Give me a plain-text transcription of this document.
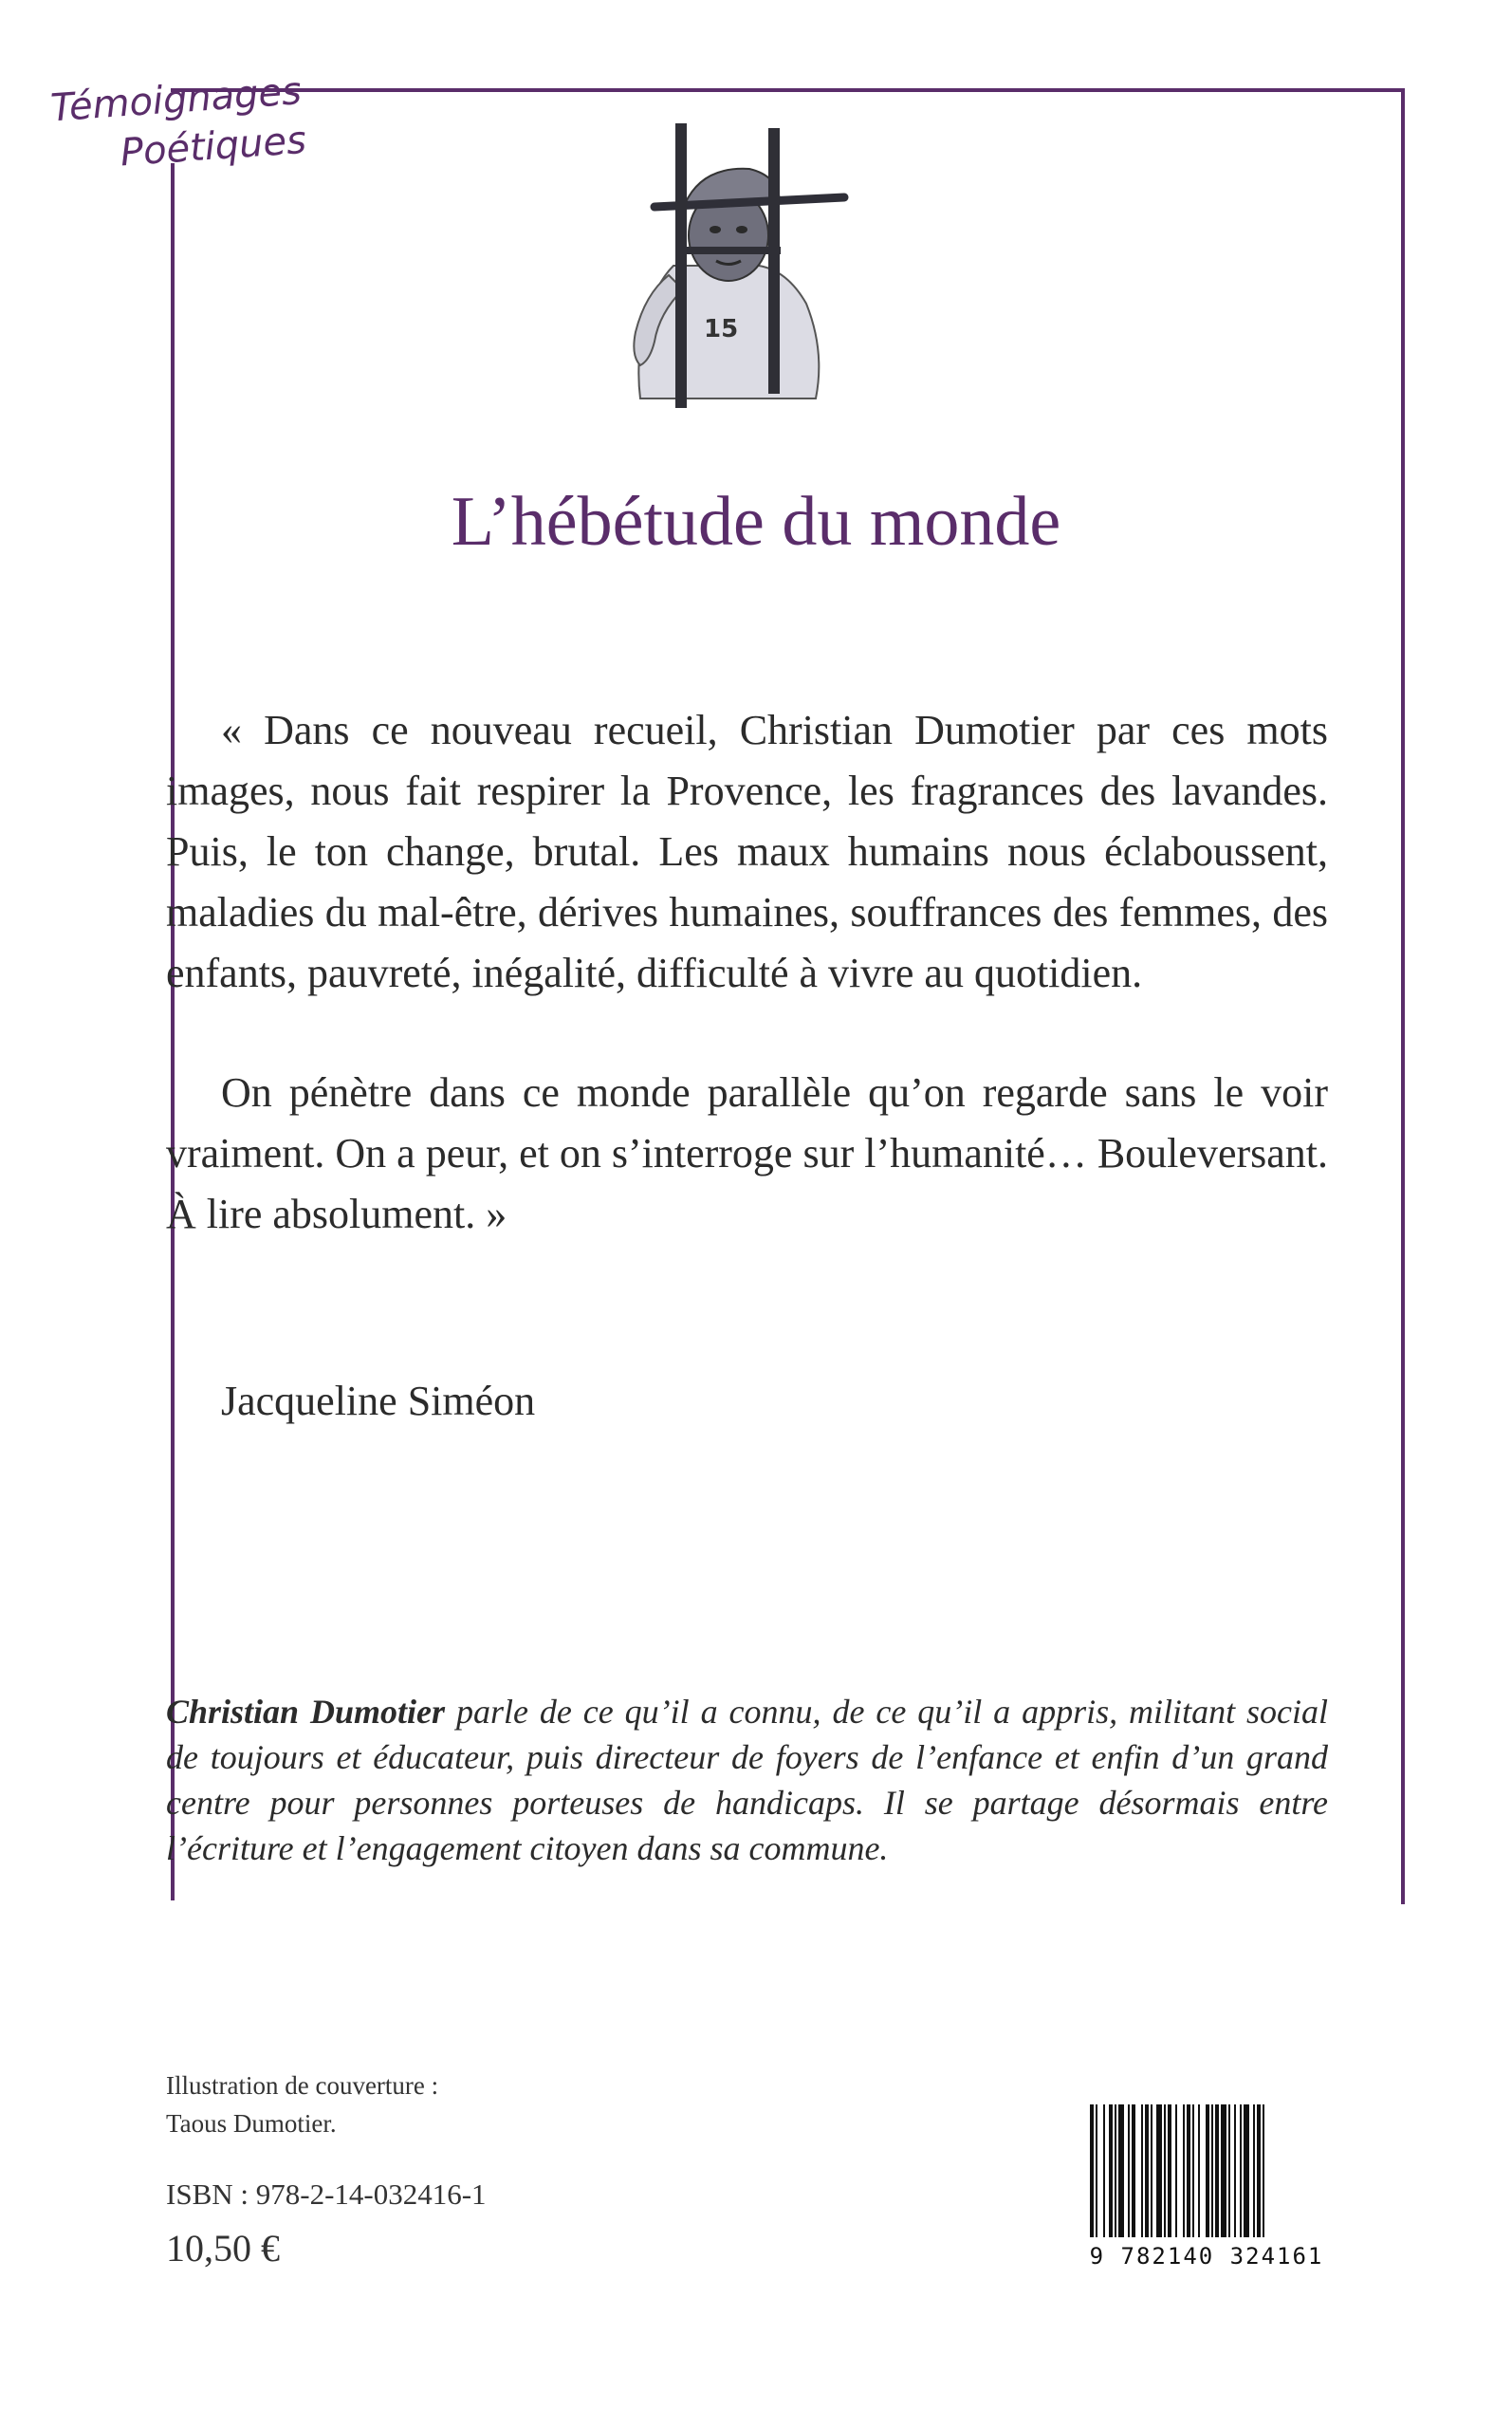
Témoignages
Poétiques
15
L’hébétude du monde

« Dans ce nouveau recueil, Christian Dumotier par ces mots images, nous fait respirer la Provence, les fragrances des lavandes. Puis, le ton change, brutal. Les maux humains nous éclaboussent, maladies du mal-être, dérives humaines, souffrances des femmes, des enfants, pauvreté, inégalité, difficulté à vivre au quotidien.

On pénètre dans ce monde parallèle qu’on regarde sans le voir vraiment. On a peur, et on s’interroge sur l’humanité… Bouleversant. À lire absolument. »

Jacqueline Siméon
Christian Dumotier parle de ce qu’il a connu, de ce qu’il a appris, militant social de toujours et éducateur, puis directeur de foyers de l’enfance et enfin d’un grand centre pour personnes porteuses de handicaps. Il se partage désormais entre l’écriture et l’engagement citoyen dans sa commune.
Illustration de couverture :
Taous Dumotier.
ISBN : 978-2-14-032416-1
10,50 €	9 782140 324161
